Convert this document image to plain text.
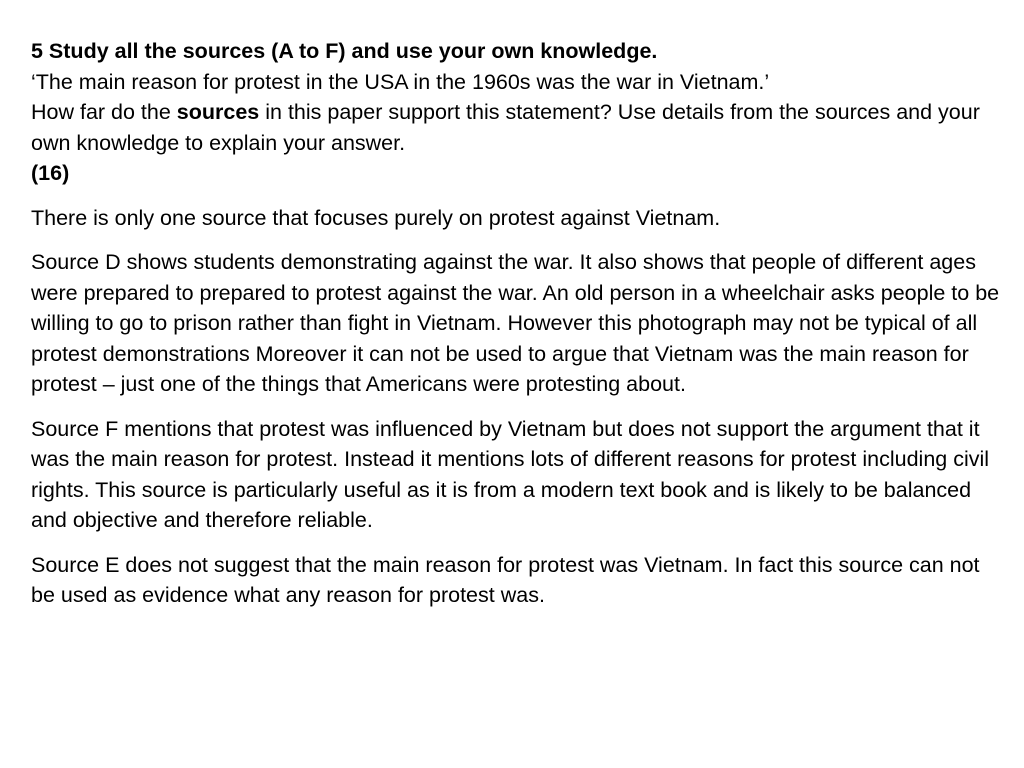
5 Study all the sources (A to F) and use your own knowledge.
‘The main reason for protest in the USA in the 1960s was the war in Vietnam.’
How far do the sources in this paper support this statement? Use details from the sources and your own knowledge to explain your answer.
(16)

There is only one source that focuses purely on protest against Vietnam.

Source D shows students demonstrating against the war. It also shows that people of different ages were prepared to prepared to protest against the war. An old person in a wheelchair asks people to be willing to go to prison rather than fight in Vietnam. However this photograph may not be typical of all protest demonstrations Moreover it can not be used to argue that Vietnam was the main reason for protest – just one of the things that Americans were protesting about.

Source F mentions that protest was influenced by Vietnam but does not support the argument that it was the main reason for protest. Instead it mentions lots of different reasons for protest including civil rights. This source is particularly useful as it is from a modern text book and is likely to be balanced and objective and therefore reliable.

Source E does not suggest that the main reason for protest was Vietnam. In fact this source can not be used as evidence what any reason for protest was.
